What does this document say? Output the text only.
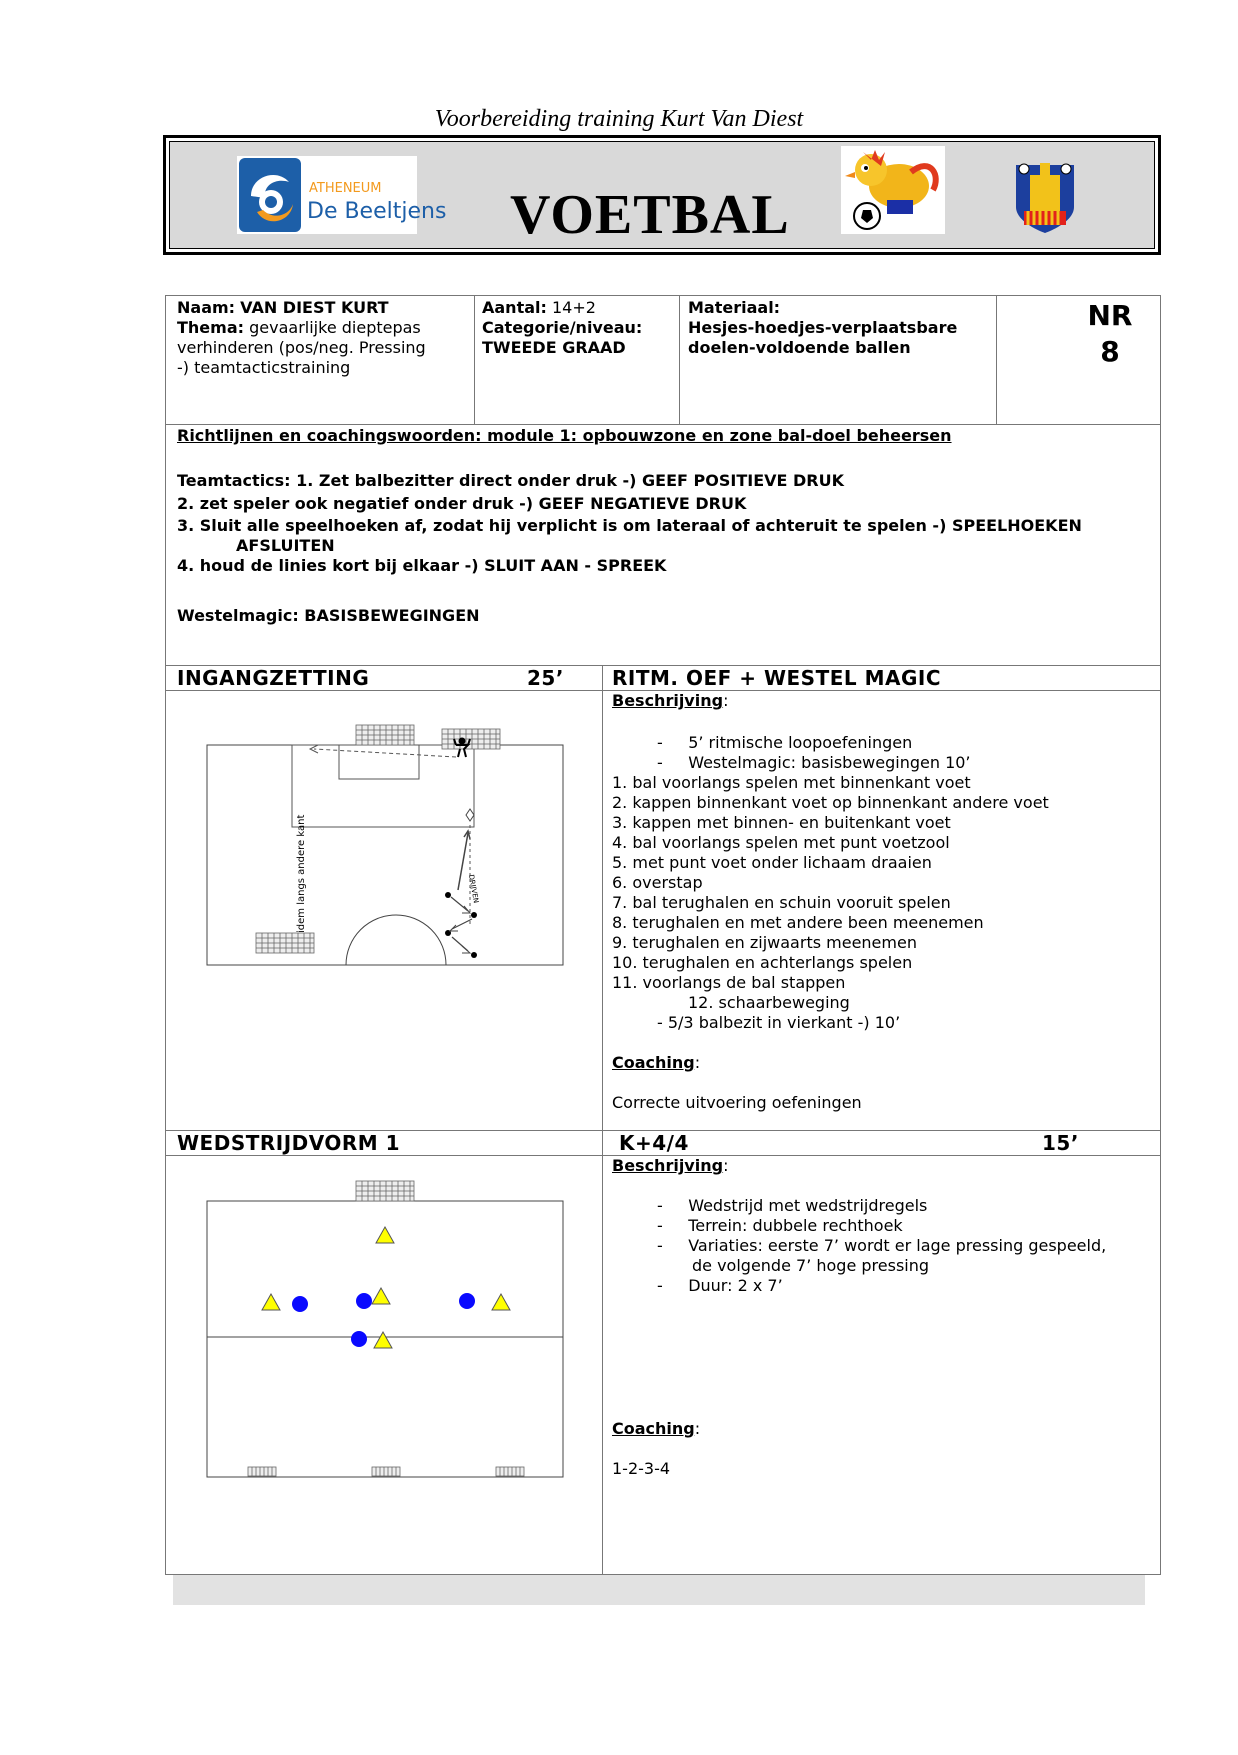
Voorbereiding training Kurt Van Diest
ATHENEUM
De Beeltjens VOETBAL
Naam: VAN DIEST KURT
Thema: gevaarlijke dieptepas
verhinderen (pos/neg. Pressing
-) teamtacticstraining
Aantal: 14+2
Categorie/niveau:
TWEEDE GRAAD
Materiaal:
Hesjes-hoedjes-verplaatsbare
doelen-voldoende ballen
NR
8
Richtlijnen en coachingswoorden: module 1: opbouwzone en zone bal-doel beheersen
Teamtactics: 1. Zet balbezitter direct onder druk -) GEEF POSITIEVE DRUK
2. zet speler ook negatief onder druk -) GEEF NEGATIEVE DRUK
3. Sluit alle speelhoeken af, zodat hij verplicht is om lateraal of achteruit te spelen -) SPEELHOEKEN
AFSLUITEN
4. houd de linies kort bij elkaar -) SLUIT AAN - SPREEK
Westelmagic: BASISBEWEGINGEN
INGANGZETTING	25’ RITM. OEF + WESTEL MAGIC
DRIJVEN
idem langs andere kant
Beschrijving:
-     5’ ritmische loopoefeningen
-     Westelmagic: basisbewegingen 10’
1. bal voorlangs spelen met binnenkant voet
2. kappen binnenkant voet op binnenkant andere voet
3. kappen met binnen- en buitenkant voet
4. bal voorlangs spelen met punt voetzool
5. met punt voet onder lichaam draaien
6. overstap
7. bal terughalen en schuin vooruit spelen
8. terughalen en met andere been meenemen
9. terughalen en zijwaarts meenemen
10. terughalen en achterlangs spelen
11. voorlangs de bal stappen
12. schaarbeweging
- 5/3 balbezit in vierkant -) 10’
Coaching:
Correcte uitvoering oefeningen
WEDSTRIJDVORM 1	K+4/4	15’
Beschrijving:
-     Wedstrijd met wedstrijdregels
-     Terrein: dubbele rechthoek
-     Variaties: eerste 7’ wordt er lage pressing gespeeld,
de volgende 7’ hoge pressing
-     Duur: 2 x 7’
Coaching:
1-2-3-4
